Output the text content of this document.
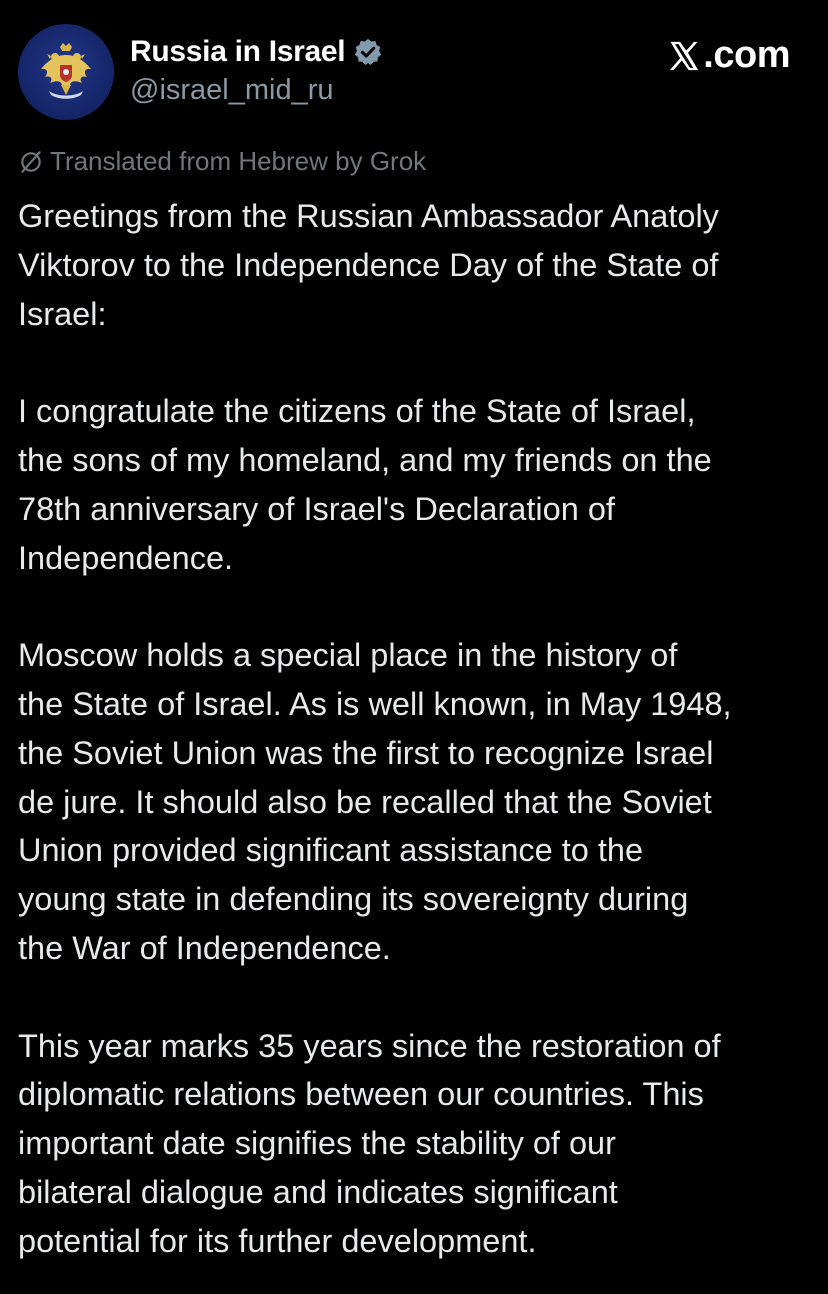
Russia in Israel
@israel_mid_ru
.com
Translated from Hebrew by Grok

Greetings from the Russian Ambassador Anatoly
Viktorov to the Independence Day of the State of
Israel:

I congratulate the citizens of the State of Israel,
the sons of my homeland, and my friends on the
78th anniversary of Israel's Declaration of
Independence.

Moscow holds a special place in the history of
the State of Israel. As is well known, in May 1948,
the Soviet Union was the first to recognize Israel
de jure. It should also be recalled that the Soviet
Union provided significant assistance to the
young state in defending its sovereignty during
the War of Independence.

This year marks 35 years since the restoration of
diplomatic relations between our countries. This
important date signifies the stability of our
bilateral dialogue and indicates significant
potential for its further development.
